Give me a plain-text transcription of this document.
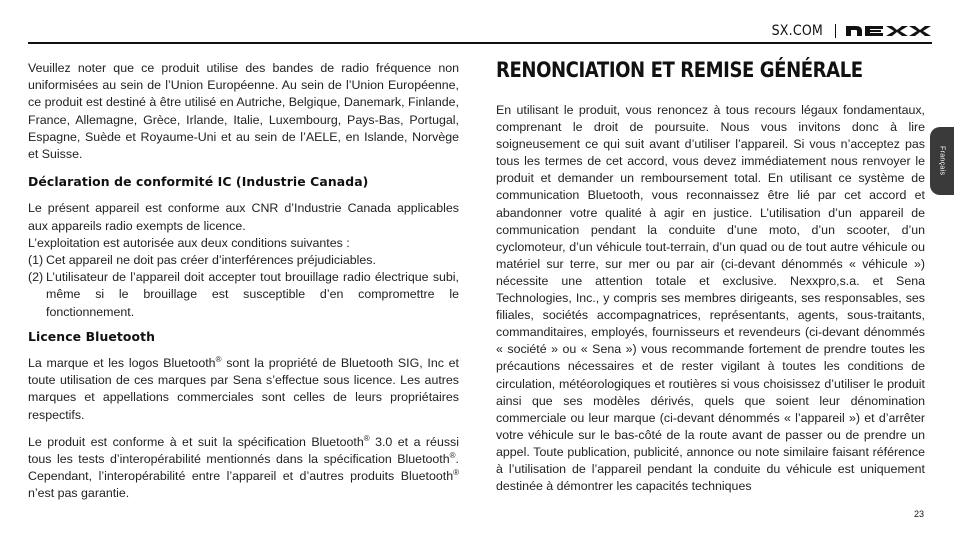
SX.COM
Français

Veuillez noter que ce produit utilise des bandes de radio fréquence non uniformisées au sein de l’Union Européenne. Au sein de l’Union Européenne, ce produit est destiné à être utilisé en Autriche, Belgique, Danemark, Finlande, France, Allemagne, Grèce, Irlande, Italie, Luxembourg, Pays-Bas, Portugal, Espagne, Suède et Royaume-Uni et au sein de l’AELE, en Islande, Norvège et Suisse.

Déclaration de conformité IC (Industrie Canada)

Le présent appareil est conforme aux CNR d’Industrie Canada applicables aux appareils radio exempts de licence.

L’exploitation est autorisée aux deux conditions suivantes :

(1) Cet appareil ne doit pas créer d’interférences préjudiciables.
(2) L’utilisateur de l’appareil doit accepter tout brouillage radio électrique subi, même si le brouillage est susceptible d’en compromettre le fonctionnement.
Licence Bluetooth

La marque et les logos Bluetooth® sont la propriété de Bluetooth SIG, Inc et toute utilisation de ces marques par Sena s’effectue sous licence. Les autres marques et appellations commerciales sont celles de leurs propriétaires respectifs.

Le produit est conforme à et suit la spécification Bluetooth® 3.0 et a réussi tous les tests d’interopérabilité mentionnés dans la spécification Bluetooth®. Cependant, l’interopérabilité entre l’appareil et d’autres produits Bluetooth® n’est pas garantie.

RENONCIATION ET REMISE GÉNÉRALE

En utilisant le produit, vous renoncez à tous recours légaux fondamentaux, comprenant le droit de poursuite. Nous vous invitons donc à lire soigneusement ce qui suit avant d’utiliser l’appareil. Si vous n’acceptez pas tous les termes de cet accord, vous devez immédiatement nous renvoyer le produit et demander un remboursement total. En utilisant ce système de communication Bluetooth, vous reconnaissez être lié par cet accord et abandonner votre qualité à agir en justice. L’utilisation d’un appareil de communication pendant la conduite d’une moto, d’un scooter, d’un cyclomoteur, d’un véhicule tout-terrain, d’un quad ou de tout autre véhicule ou matériel sur terre, sur mer ou par air (ci-devant dénommés « véhicule ») nécessite une attention totale et exclusive. Nexxpro,s.a. et Sena Technologies, Inc., y compris ses membres dirigeants, ses responsables, ses filiales, sociétés accompagnatrices, représentants, agents, sous-traitants, commanditaires, employés, fournisseurs et revendeurs (ci-devant dénommés « société » ou « Sena ») vous recommande fortement de prendre toutes les précautions nécessaires et de rester vigilant à toutes les conditions de circulation, météorologiques et routières si vous choisissez d’utiliser le produit ainsi que ses modèles dérivés, quels que soient leur dénomination commerciale ou leur marque (ci-devant dénommés « l’appareil ») et d’arrêter votre véhicule sur le bas-côté de la route avant de passer ou de prendre un appel. Toute publication, publicité, annonce ou note similaire faisant référence à l’utilisation de l’appareil pendant la conduite du véhicule est uniquement destinée à démontrer les capacités techniques

23
